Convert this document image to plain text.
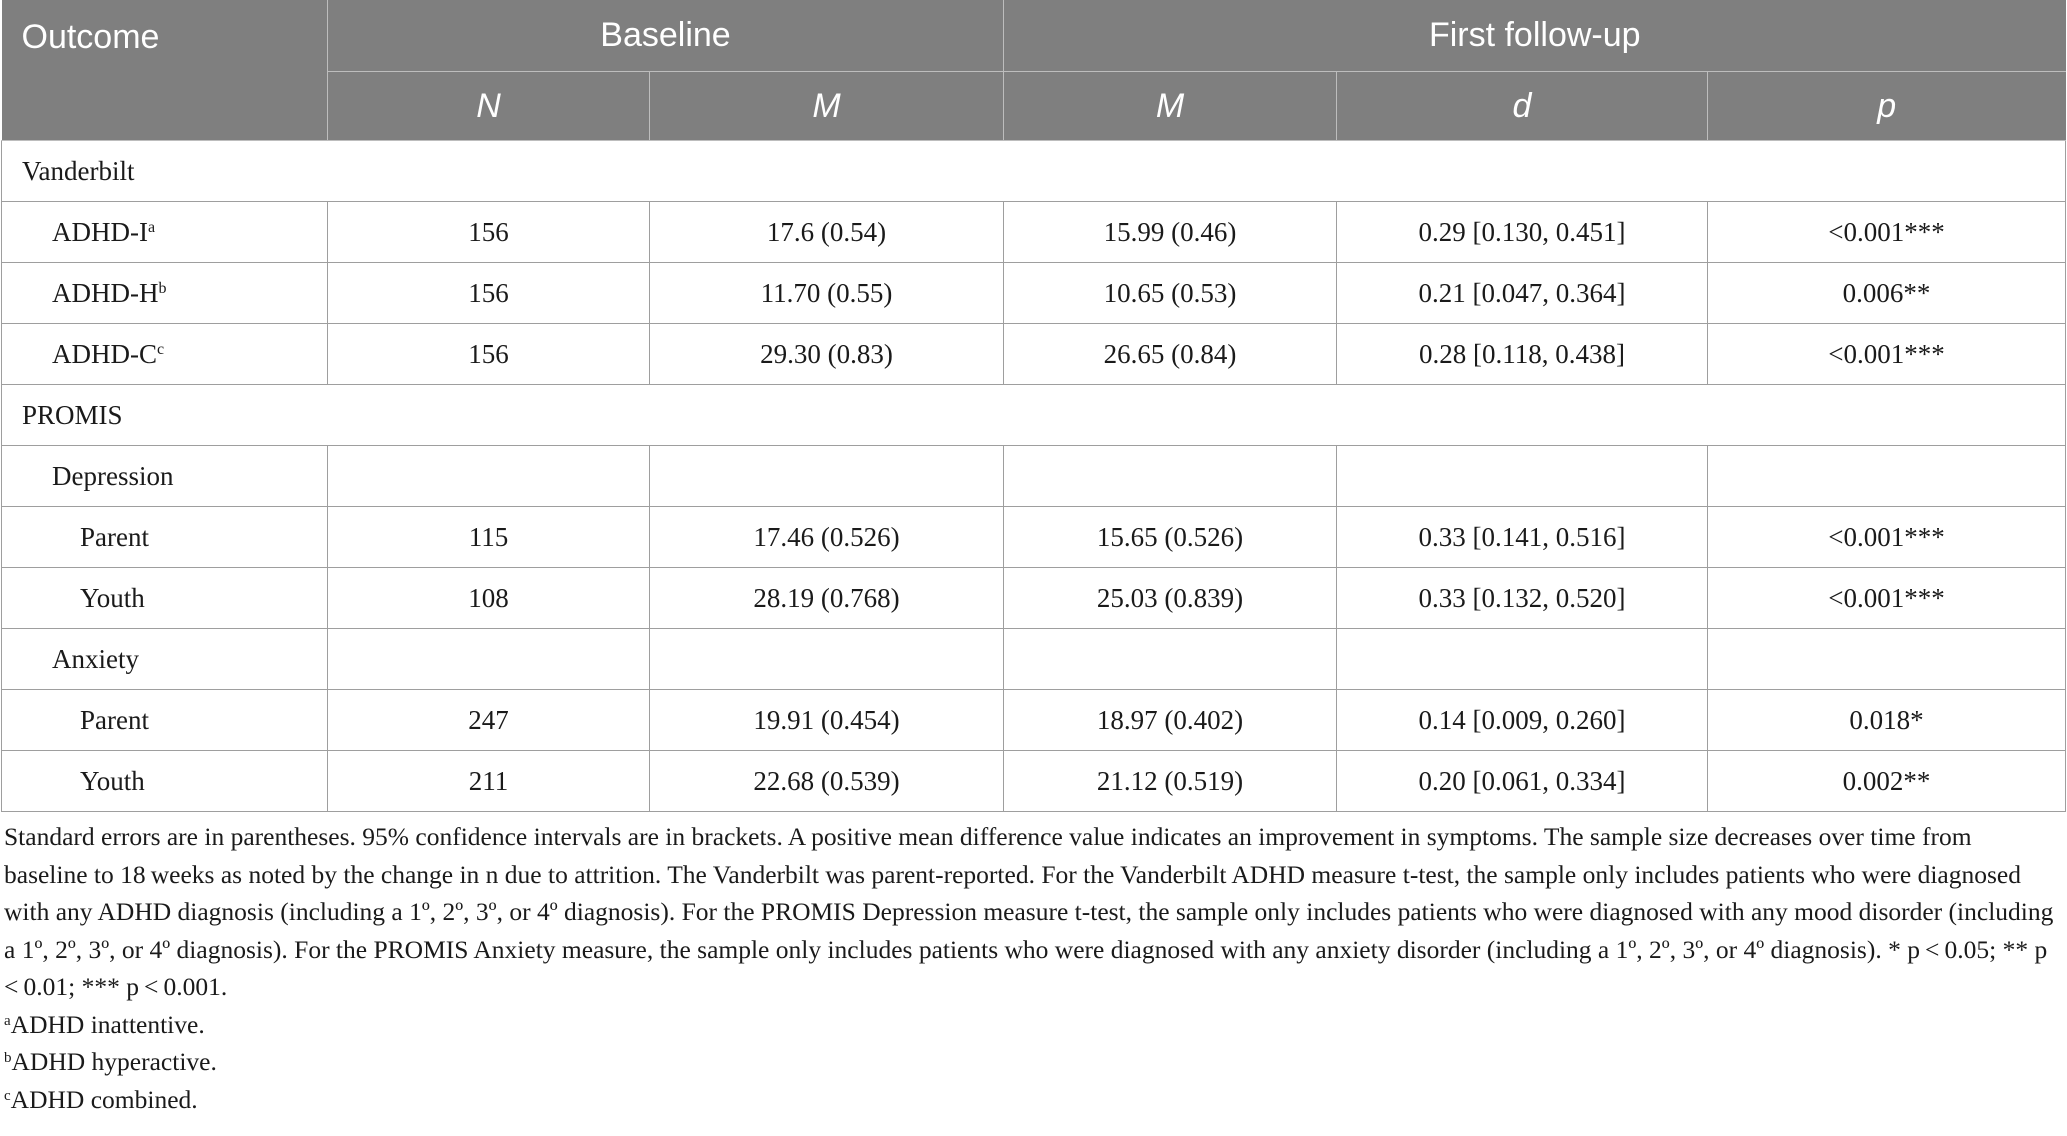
Outcome	Baseline		First follow-up		
	N	M	M	d	p
Vanderbilt					
ADHD-$I^a$	156	17.6 (0.54)	15.99 (0.46)	0.29 [0.130, 0.451]	<0.001***
ADHD-$H^b$	156	11.70 (0.55)	10.65 (0.53)	0.21 [0.047, 0.364]	0.006**
ADHD-$C^c$	156	29.30 (0.83)	26.65 (0.84)	0.28 [0.118, 0.438]	<0.001***
PROMIS					
Depression					
Parent	115	17.46 (0.526)	15.65 (0.526)	0.33 [0.141, 0.516]	<0.001***
Youth	108	28.19 (0.768)	25.03 (0.839)	0.33 [0.132, 0.520]	<0.001***
Anxiety					
Parent	247	19.91 (0.454)	18.97 (0.402)	0.14 [0.009, 0.260]	0.018*
Youth	211	22.68 (0.539)	21.12 (0.519)	0.20 [0.061, 0.334]	0.002**

Standard errors are in parentheses. 95% confidence intervals are in brackets. A positive mean difference value indicates an improvement in symptoms. The sample size decreases over time from baseline to 18 weeks as noted by the change in n due to attrition. The Vanderbilt was parent-reported. For the Vanderbilt ADHD measure t-test, the sample only includes patients who were diagnosed with any ADHD diagnosis (including a 1º, 2º, 3º, or 4º diagnosis). For the PROMIS Depression measure t-test, the sample only includes patients who were diagnosed with any mood disorder (including a 1º, 2º, 3º, or 4º diagnosis). For the PROMIS Anxiety measure, the sample only includes patients who were diagnosed with any anxiety disorder (including a 1º, 2º, 3º, or 4º diagnosis). * p < 0.05; ** p < 0.01; *** p < 0.001.

$^a$ADHD inattentive.
$^b$ADHD hyperactive.
$^c$ADHD combined.
